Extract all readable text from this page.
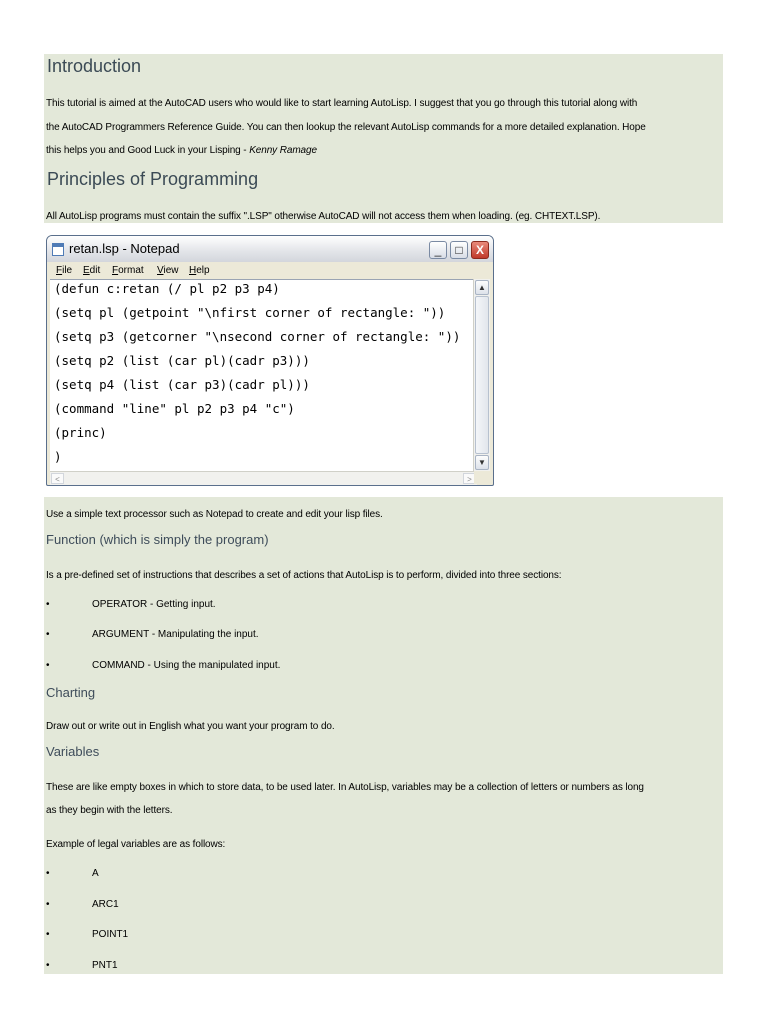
Introduction
This tutorial is aimed at the AutoCAD users who would like to start learning AutoLisp. I suggest that you go through this tutorial along with
the AutoCAD Programmers Reference Guide. You can then lookup the relevant AutoLisp commands for a more detailed explanation. Hope
this helps you and Good Luck in your Lisping - Kenny Ramage
Principles of Programming
All AutoLisp programs must contain the suffix ".LSP" otherwise AutoCAD will not access them when loading. (eg. CHTEXT.LSP).
retan.lsp - Notepad	_	□	X
File Edit Format View Help
(defun c:retan (/ pl p2 p3 p4)
(setq pl (getpoint "\nfirst corner of rectangle: "))
(setq p3 (getcorner "\nsecond corner of rectangle: "))
(setq p2 (list (car pl)(cadr p3)))
(setq p4 (list (car p3)(cadr pl)))
(command "line" pl p2 p3 p4 "c")
(princ)
)
▲
▼
<	>
Use a simple text processor such as Notepad to create and edit your lisp files.
Function (which is simply the program)
Is a pre-defined set of instructions that describes a set of actions that AutoLisp is to perform, divided into three sections:
•	OPERATOR - Getting input.
•	ARGUMENT - Manipulating the input.
•	COMMAND - Using the manipulated input.
Charting
Draw out or write out in English what you want your program to do.
Variables
These are like empty boxes in which to store data, to be used later. In AutoLisp, variables may be a collection of letters or numbers as long
as they begin with the letters.
Example of legal variables are as follows:
•	A
•	ARC1
•	POINT1
•	PNT1
